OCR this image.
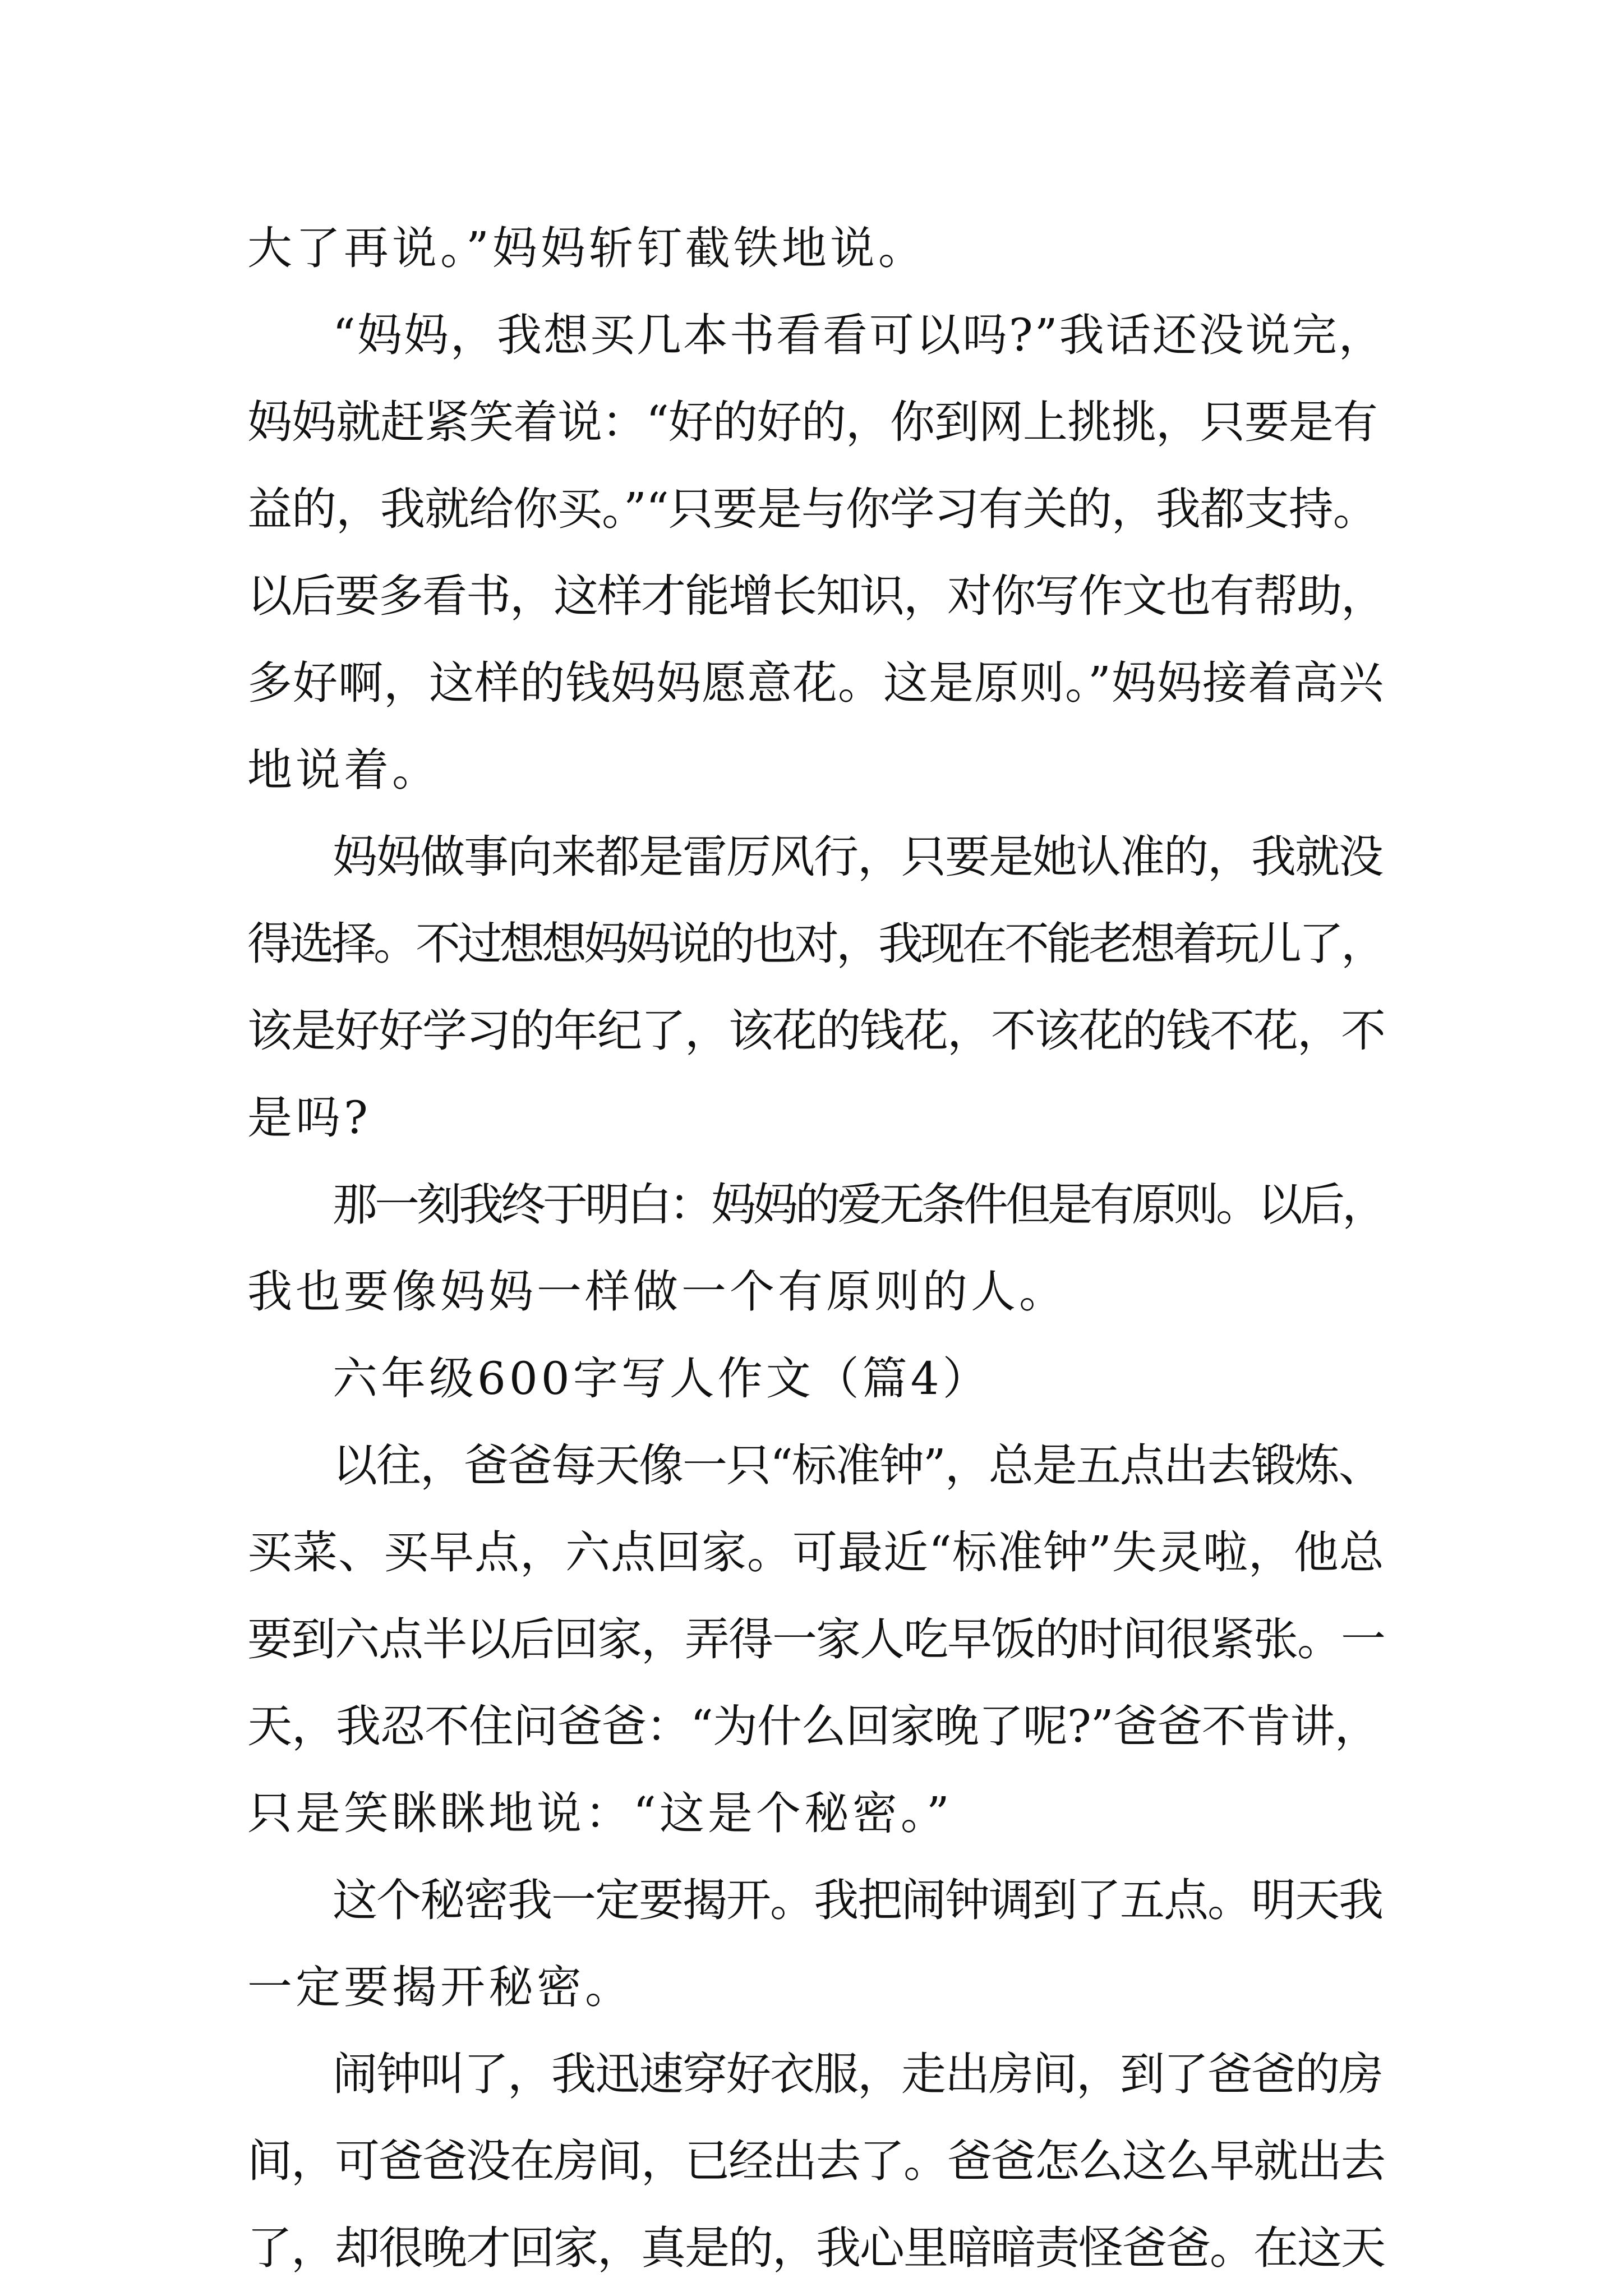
大了再说。”妈妈斩钉截铁地说。
“妈妈，我想买几本书看看可以吗?”我话还没说完，
妈妈就赶紧笑着说：“好的好的，你到网上挑挑，只要是有
益的，我就给你买。”“只要是与你学习有关的，我都支持。
以后要多看书，这样才能增长知识，对你写作文也有帮助，
多好啊，这样的钱妈妈愿意花。这是原则。”妈妈接着高兴
地说着。
妈妈做事向来都是雷厉风行，只要是她认准的，我就没
得选择。不过想想妈妈说的也对，我现在不能老想着玩儿了，
该是好好学习的年纪了，该花的钱花，不该花的钱不花，不
是吗?
那一刻我终于明白：妈妈的爱无条件但是有原则。以后，
我也要像妈妈一样做一个有原则的人。
六年级600字写人作文（篇4）
以往，爸爸每天像一只“标准钟”，总是五点出去锻炼、
买菜、买早点，六点回家。可最近“标准钟”失灵啦，他总
要到六点半以后回家，弄得一家人吃早饭的时间很紧张。一
天，我忍不住问爸爸：“为什么回家晚了呢?”爸爸不肯讲，
只是笑眯眯地说：“这是个秘密。”
这个秘密我一定要揭开。我把闹钟调到了五点。明天我
一定要揭开秘密。
闹钟叫了，我迅速穿好衣服，走出房间，到了爸爸的房
间，可爸爸没在房间，已经出去了。爸爸怎么这么早就出去
了，却很晚才回家，真是的，我心里暗暗责怪爸爸。在这天
